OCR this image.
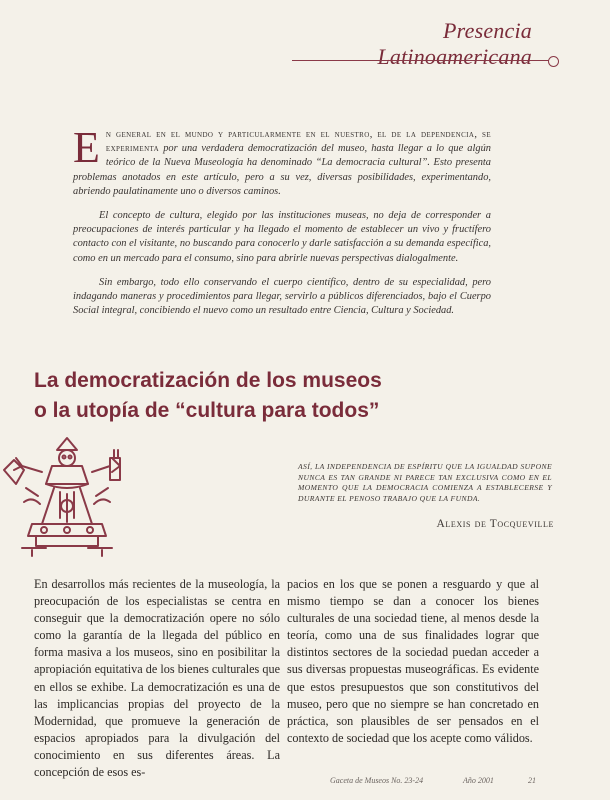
Presencia Latinoamericana

E n general en el mundo y particularmente en el nuestro, el de la dependencia, se experimenta por una verdadera democratización del museo, hasta llegar a lo que algún teórico de la Nueva Museología ha denominado “La democracia cultural”. Esto presenta problemas anotados en este artículo, pero a su vez, diversas posibilidades, experimentando, abriendo paulatinamente uno o diversos caminos.

El concepto de cultura, elegido por las instituciones museas, no deja de corresponder a preocupaciones de interés particular y ha llegado el momento de establecer un vivo y fructífero contacto con el visitante, no buscando para conocerlo y darle satisfacción a su demanda específica, como en un mercado para el consumo, sino para abrirle nuevas perspectivas dialogalmente.

Sin embargo, todo ello conservando el cuerpo científico, dentro de su especialidad, pero indagando maneras y procedimientos para llegar, servirlo a públicos diferenciados, bajo el Cuerpo Social integral, concibiendo el nuevo como un resultado entre Ciencia, Cultura y Sociedad.

La democratización de los museos
o la utopía de “cultura para todos”

ASÍ, LA INDEPENDENCIA DE ESPÍRITU QUE LA IGUALDAD SUPONE NUNCA ES TAN GRANDE NI PARECE TAN EXCLUSIVA COMO EN EL MOMENTO QUE LA DEMOCRACIA COMIENZA A ESTABLECERSE Y DURANTE EL PENOSO TRABAJO QUE LA FUNDA.

Alexis de Tocqueville

En desarrollos más recientes de la museología, la preocupación de los especialistas se centra en conseguir que la democratización opere no sólo como la garantía de la llegada del público en forma masiva a los museos, sino en posibilitar la apropiación equitativa de los bienes culturales que en ellos se exhibe. La democratización es una de las implicancias propias del proyecto de la Modernidad, que promueve la generación de espacios apropiados para la divulgación del conocimiento en sus diferentes áreas. La concepción de esos es-

pacios en los que se ponen a resguardo y que al mismo tiempo se dan a conocer los bienes culturales de una sociedad tiene, al menos desde la teoría, como una de sus finalidades lograr que distintos sectores de la sociedad puedan acceder a sus diversas propuestas museográficas. Es evidente que estos presupuestos que son constitutivos del museo, pero que no siempre se han concretado en práctica, son plausibles de ser pensados en el contexto de sociedad que los acepte como válidos.

Gaceta de Museos No. 23-24	Año 2001	21
